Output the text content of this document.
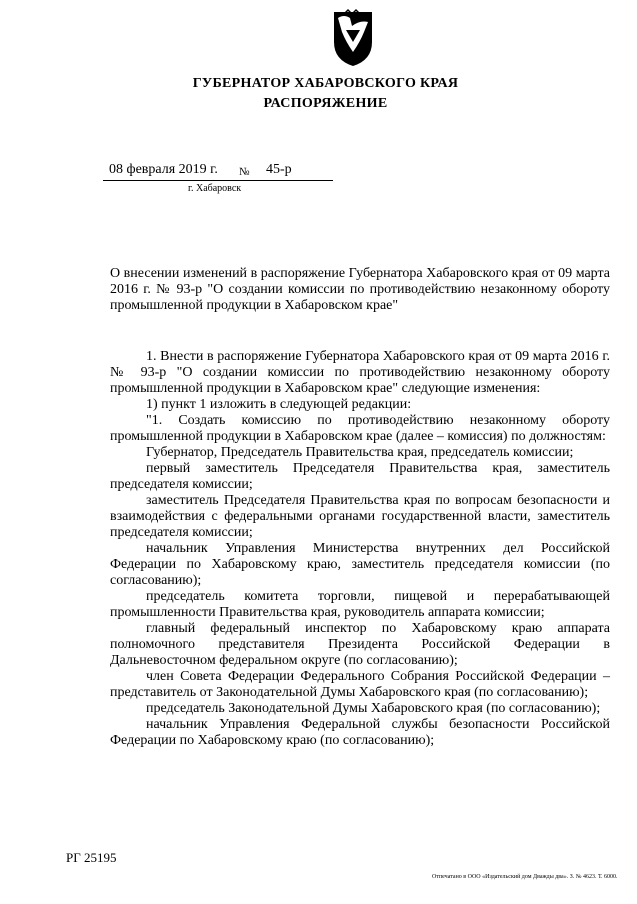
ГУБЕРНАТОР ХАБАРОВСКОГО КРАЯ
РАСПОРЯЖЕНИЕ
08 февраля 2019 г. № 45-р
г. Хабаровск
О внесении изменений в распоряжение Губернатора Хабаровского края от 09 марта 2016 г. № 93-р "О создании комиссии по противодействию незаконному обороту промышленной продукции в Хабаровском крае"

1. Внести в распоряжение Губернатора Хабаровского края от 09 марта 2016 г. № 93-р "О создании комиссии по противодействию незаконному обороту промышленной продукции в Хабаровском крае" следующие изменения:

1) пункт 1 изложить в следующей редакции:

"1. Создать комиссию по противодействию незаконному обороту промышленной продукции в Хабаровском крае (далее – комиссия) по должностям:

Губернатор, Председатель Правительства края, председатель комиссии;

первый заместитель Председателя Правительства края, заместитель председателя комиссии;

заместитель Председателя Правительства края по вопросам безопасности и взаимодействия с федеральными органами государственной власти, заместитель председателя комиссии;

начальник Управления Министерства внутренних дел Российской Федерации по Хабаровскому краю, заместитель председателя комиссии (по согласованию);

председатель комитета торговли, пищевой и перерабатывающей промышленности Правительства края, руководитель аппарата комиссии;

главный федеральный инспектор по Хабаровскому краю аппарата полномочного представителя Президента Российской Федерации в Дальневосточном федеральном округе (по согласованию);

член Совета Федерации Федерального Собрания Российской Федерации – представитель от Законодательной Думы Хабаровского края (по согласованию);

председатель Законодательной Думы Хабаровского края (по согласованию);

начальник Управления Федеральной службы безопасности Российской Федерации по Хабаровскому краю (по согласованию);

РГ 25195
Отпечатано в ООО «Издательский дом Дважды два». З. № 4623. Т. 6000.
